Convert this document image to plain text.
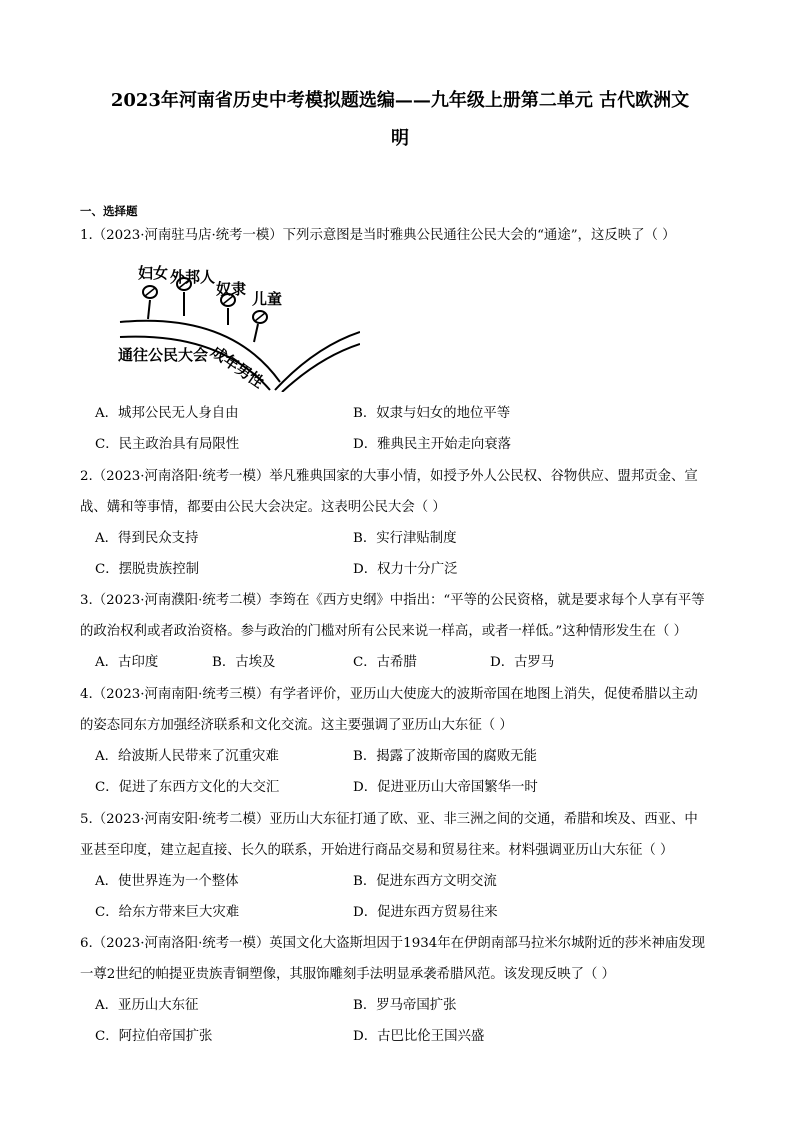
2023年河南省历史中考模拟题选编——九年级上册第二单元 古代欧洲文
明
一、选择题
1.（2023·河南驻马店·统考一模）下列示意图是当时雅典公民通往公民大会的“通途”，这反映了（ ）
妇女 外邦人
奴隶
儿童
通往公民大会 成年男性
A．城邦公民无人身自由	B．奴隶与妇女的地位平等
C．民主政治具有局限性	D．雅典民主开始走向衰落
2.（2023·河南洛阳·统考一模）举凡雅典国家的大事小情，如授予外人公民权、谷物供应、盟邦贡金、宣
战、媾和等事情，都要由公民大会决定。这表明公民大会（ ）
A．得到民众支持	B．实行津贴制度
C．摆脱贵族控制	D．权力十分广泛
3.（2023·河南濮阳·统考二模）李筠在《西方史纲》中指出：“平等的公民资格，就是要求每个人享有平等
的政治权利或者政治资格。参与政治的门槛对所有公民来说一样高，或者一样低。”这种情形发生在（ ）
A．古印度	B．古埃及	C．古希腊	D．古罗马
4.（2023·河南南阳·统考三模）有学者评价，亚历山大使庞大的波斯帝国在地图上消失，促使希腊以主动
的姿态同东方加强经济联系和文化交流。这主要强调了亚历山大东征（ ）
A．给波斯人民带来了沉重灾难	B．揭露了波斯帝国的腐败无能
C．促进了东西方文化的大交汇	D．促进亚历山大帝国繁华一时
5.（2023·河南安阳·统考二模）亚历山大东征打通了欧、亚、非三洲之间的交通，希腊和埃及、西亚、中
亚甚至印度，建立起直接、长久的联系，开始进行商品交易和贸易往来。材料强调亚历山大东征（ ）
A．使世界连为一个整体	B．促进东西方文明交流
C．给东方带来巨大灾难	D．促进东西方贸易往来
6.（2023·河南洛阳·统考一模）英国文化大盗斯坦因于1934年在伊朗南部马拉米尔城附近的莎米神庙发现
一尊2世纪的帕提亚贵族青铜塑像，其服饰雕刻手法明显承袭希腊风范。该发现反映了（ ）
A．亚历山大东征	B．罗马帝国扩张
C．阿拉伯帝国扩张	D．古巴比伦王国兴盛
